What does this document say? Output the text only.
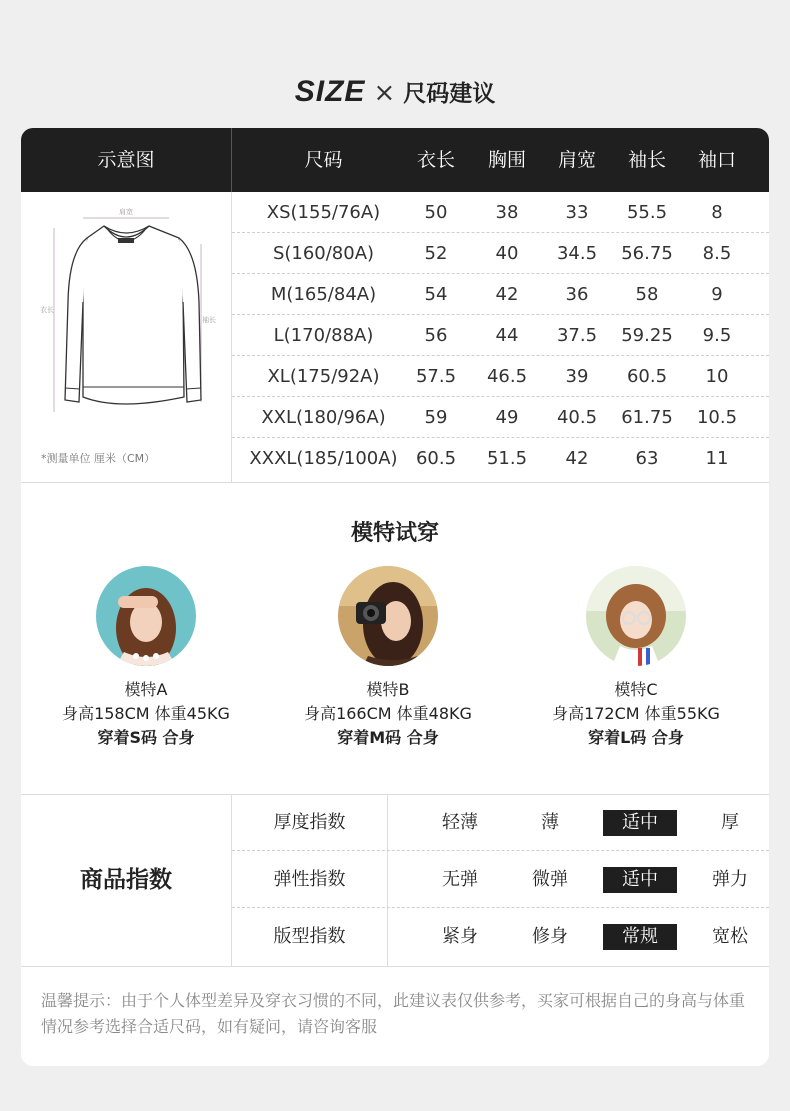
SIZE × 尺码建议
示意图	尺码	衣长	胸围	肩宽	袖长	袖口
肩宽
衣长
袖长
*测量单位 厘米（CM）
XS(155/76A)	50	38	33	55.5	8
S(160/80A)	52	40	34.5	56.75	8.5
M(165/84A)	54	42	36	58	9
L(170/88A)	56	44	37.5	59.25	9.5
XL(175/92A)	57.5	46.5	39	60.5	10
XXL(180/96A)	59	49	40.5	61.75	10.5
XXXL(185/100A)	60.5	51.5	42	63	11
模特试穿
模特A
身高158CM 体重45KG
穿着S码 合身
模特B
身高166CM 体重48KG
穿着M码 合身
模特C
身高172CM 体重55KG
穿着L码 合身
商品指数
厚度指数	轻薄	薄	适中	厚
弹性指数	无弹	微弹	适中	弹力
版型指数	紧身	修身	常规	宽松
温馨提示：由于个人体型差异及穿衣习惯的不同，此建议表仅供参考，买家可根据自己的身高与体重情况参考选择合适尺码，如有疑问，请咨询客服
